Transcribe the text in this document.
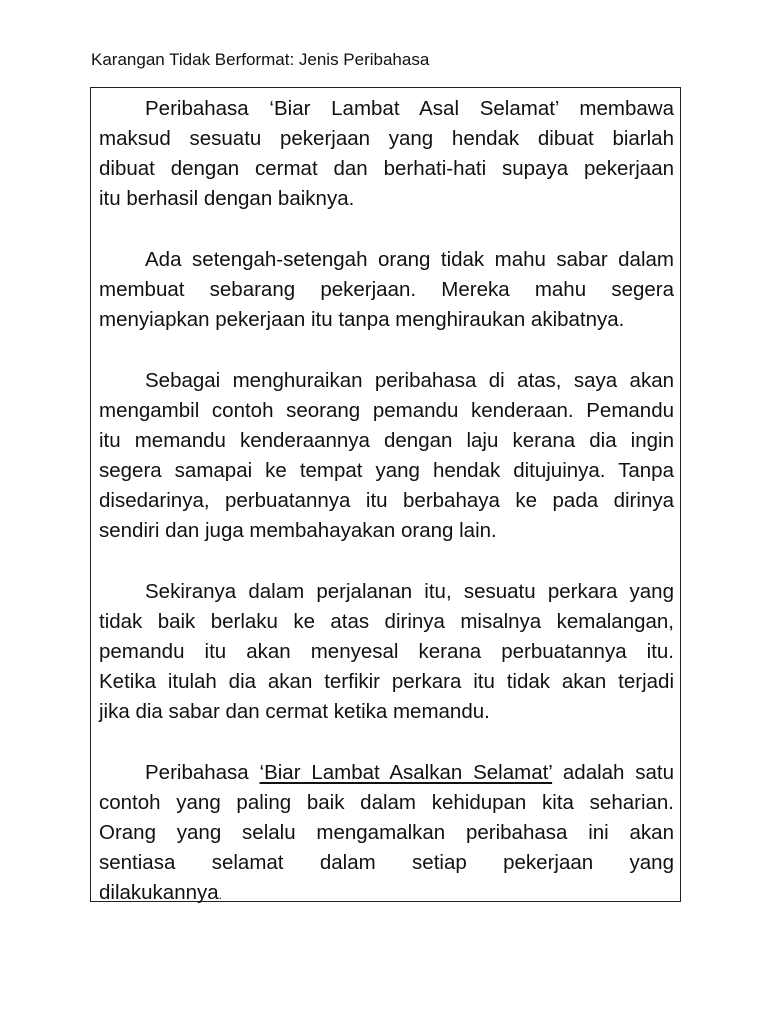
Karangan Tidak Berformat: Jenis Peribahasa
Peribahasa ‘Biar Lambat Asal Selamat’ membawa
maksud sesuatu pekerjaan yang hendak dibuat biarlah
dibuat dengan cermat dan berhati-hati supaya pekerjaan
itu berhasil dengan baiknya.
Ada setengah-setengah orang tidak mahu sabar dalam
membuat sebarang pekerjaan. Mereka mahu segera
menyiapkan pekerjaan itu tanpa menghiraukan akibatnya.
Sebagai menghuraikan peribahasa di atas, saya akan
mengambil contoh seorang pemandu kenderaan. Pemandu
itu memandu kenderaannya dengan laju kerana dia ingin
segera samapai ke tempat yang hendak ditujuinya. Tanpa
disedarinya, perbuatannya itu berbahaya ke pada dirinya
sendiri dan juga membahayakan orang lain.
Sekiranya dalam perjalanan itu, sesuatu perkara yang
tidak baik berlaku ke atas dirinya misalnya kemalangan,
pemandu itu akan menyesal kerana perbuatannya itu.
Ketika itulah dia akan terfikir perkara itu tidak akan terjadi
jika dia sabar dan cermat ketika memandu.
Peribahasa ‘Biar Lambat Asalkan Selamat’ adalah satu
contoh yang paling baik dalam kehidupan kita seharian.
Orang yang selalu mengamalkan peribahasa ini akan
sentiasa selamat dalam setiap pekerjaan yang
dilakukannya.
